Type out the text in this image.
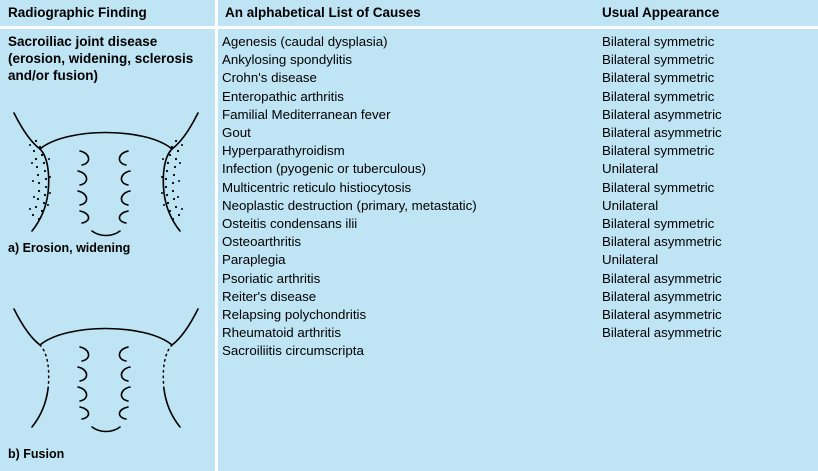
Radiographic Finding	An alphabetical List of Causes	Usual Appearance
Sacroiliac joint disease (erosion, widening, sclerosis and/or fusion)
a) Erosion, widening
b) Fusion
Agenesis (caudal dysplasia)
Ankylosing spondylitis
Crohn's disease
Enteropathic arthritis
Familial Mediterranean fever
Gout
Hyperparathyroidism
Infection (pyogenic or tuberculous)
Multicentric reticulo histiocytosis
Neoplastic destruction (primary, metastatic)
Osteitis condensans ilii
Osteoarthritis
Paraplegia
Psoriatic arthritis
Reiter's disease
Relapsing polychondritis
Rheumatoid arthritis
Sacroiliitis circumscripta
Bilateral symmetric
Bilateral symmetric
Bilateral symmetric
Bilateral symmetric
Bilateral asymmetric
Bilateral asymmetric
Bilateral symmetric
Unilateral
Bilateral symmetric
Unilateral
Bilateral symmetric
Bilateral asymmetric
Unilateral
Bilateral asymmetric
Bilateral asymmetric
Bilateral asymmetric
Bilateral asymmetric
